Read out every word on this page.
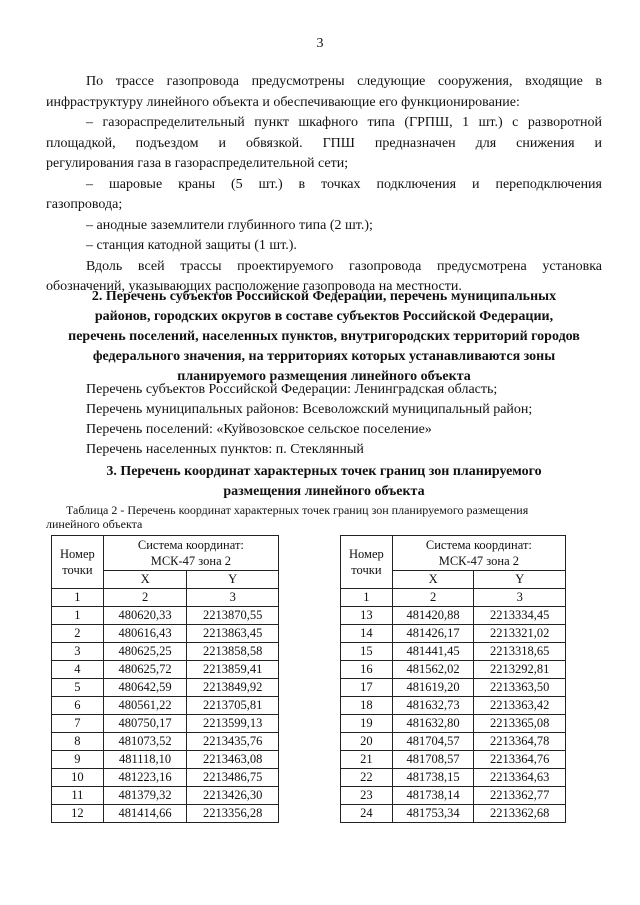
3
По трассе газопровода предусмотрены следующие сооружения, входящие в
инфраструктуру линейного объекта и обеспечивающие его функционирование:
– газораспределительный пункт шкафного типа (ГРПШ, 1 шт.) с разворотной
площадкой, подъездом и обвязкой. ГПШ предназначен для снижения и
регулирования газа в газораспределительной сети;
– шаровые краны (5 шт.) в точках подключения и переподключения
газопровода;
– анодные заземлители глубинного типа (2 шт.);
– станция катодной защиты (1 шт.).
Вдоль всей трассы проектируемого газопровода предусмотрена установка
обозначений, указывающих расположение газопровода на местности.
2. Перечень субъектов Российской Федерации, перечень муниципальных
районов, городских округов в составе субъектов Российской Федерации,
перечень поселений, населенных пунктов, внутригородских территорий городов
федерального значения, на территориях которых устанавливаются зоны
планируемого размещения линейного объекта
Перечень субъектов Российской Федерации: Ленинградская область;
Перечень муниципальных районов: Всеволожский муниципальный район;
Перечень поселений: «Куйвозовское сельское поселение»
Перечень населенных пунктов: п. Стеклянный
3. Перечень координат характерных точек границ зон планируемого
размещения линейного объекта
Таблица 2 - Перечень координат характерных точек границ зон планируемого размещения
линейного объекта
Номер
точки	Система координат:
МСК-47 зона 2	

	X	Y
1	2	3
1	480620,33	2213870,55
2	480616,43	2213863,45
3	480625,25	2213858,58
4	480625,72	2213859,41
5	480642,59	2213849,92
6	480561,22	2213705,81
7	480750,17	2213599,13
8	481073,52	2213435,76
9	481118,10	2213463,08
10	481223,16	2213486,75
11	481379,32	2213426,30
12	481414,66	2213356,28
Номер
точки	Система координат:
МСК-47 зона 2	

	X	Y
1	2	3
13	481420,88	2213334,45
14	481426,17	2213321,02
15	481441,45	2213318,65
16	481562,02	2213292,81
17	481619,20	2213363,50
18	481632,73	2213363,42
19	481632,80	2213365,08
20	481704,57	2213364,78
21	481708,57	2213364,76
22	481738,15	2213364,63
23	481738,14	2213362,77
24	481753,34	2213362,68
